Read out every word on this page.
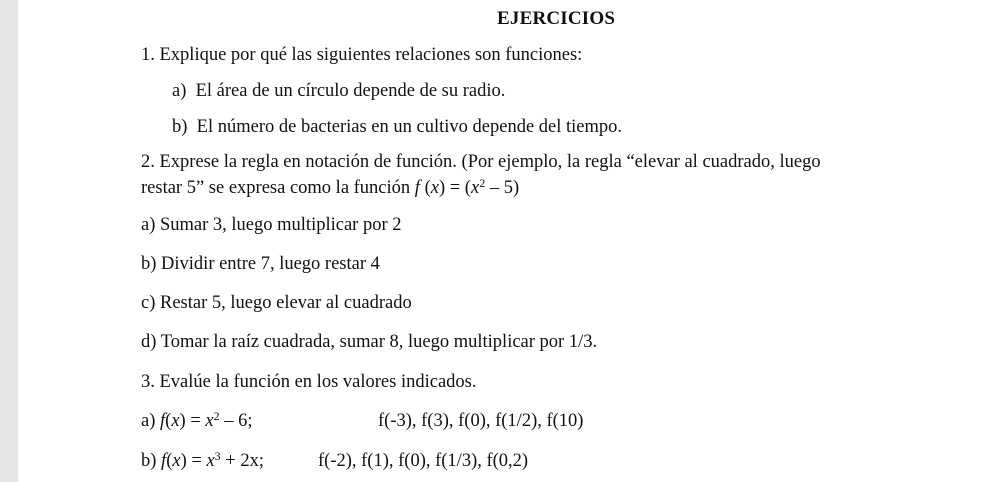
EJERCICIOS
1. Explique por qué las siguientes relaciones son funciones:
a)  El área de un círculo depende de su radio.
b)  El número de bacterias en un cultivo depende del tiempo.
2. Exprese la regla en notación de función. (Por ejemplo, la regla “elevar al cuadrado, luego
restar 5” se expresa como la función f $(x) = (x^2 - 5)$
a) Sumar 3, luego multiplicar por 2
b) Dividir entre 7, luego restar 4
c) Restar 5, luego elevar al cuadrado
d) Tomar la raíz cuadrada, sumar 8, luego multiplicar por 1/3.
3. Evalúe la función en los valores indicados.
a) $f(x) = x^2 - 6$;	f(-3), f(3), f(0), f(1/2), f(10)
b) $f(x) = x^3 + 2x$;	f(-2), f(1), f(0), f(1/3), f(0,2)
